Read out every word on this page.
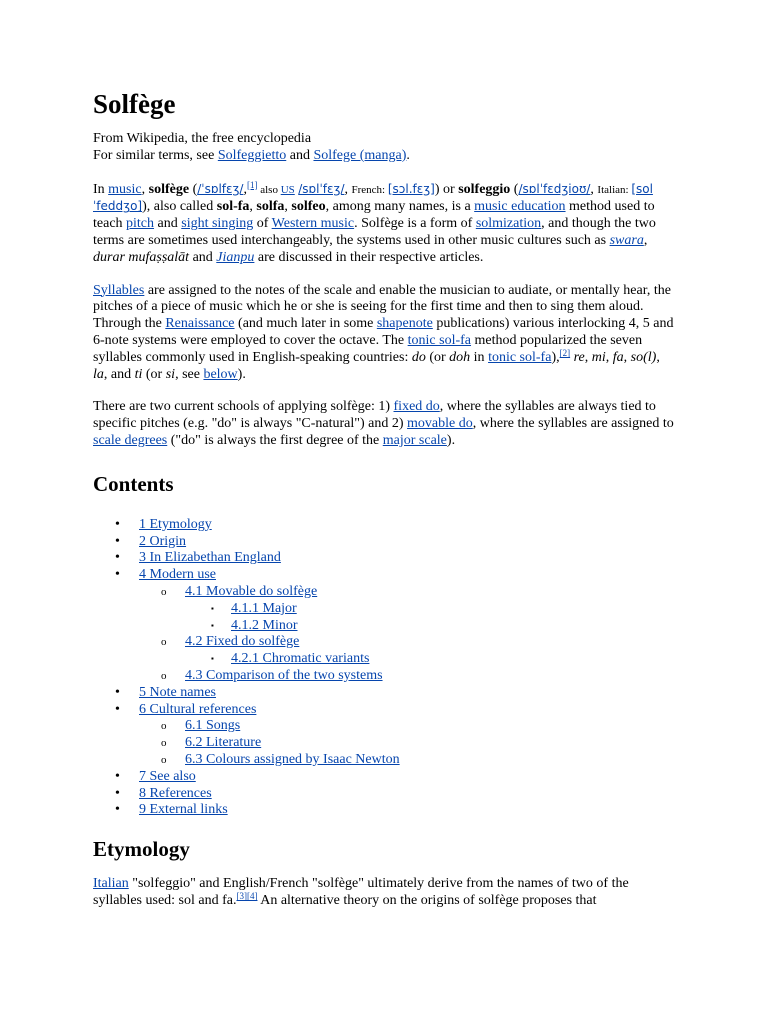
Solfège
From Wikipedia, the free encyclopedia
For similar terms, see Solfeggietto and Solfege (manga).

In music, solfège (/ˈsɒlfɛʒ/,[1] also US /sɒlˈfɛʒ/, French: [sɔl.fɛʒ]) or solfeggio (/sɒlˈfɛdʒioʊ/, Italian: [solˈfeddʒo]), also called sol-fa, solfa, solfeo, among many names, is a music education method used to teach pitch and sight singing of Western music. Solfège is a form of solmization, and though the two terms are sometimes used interchangeably, the systems used in other music cultures such as swara, durar mufaṣṣalāt and Jianpu are discussed in their respective articles.

Syllables are assigned to the notes of the scale and enable the musician to audiate, or mentally hear, the pitches of a piece of music which he or she is seeing for the first time and then to sing them aloud. Through the Renaissance (and much later in some shapenote publications) various interlocking 4, 5 and 6-note systems were employed to cover the octave. The tonic sol-fa method popularized the seven syllables commonly used in English-speaking countries: do (or doh in tonic sol-fa),[2] re, mi, fa, so(l), la, and ti (or si, see below).

There are two current schools of applying solfège: 1) fixed do, where the syllables are always tied to specific pitches (e.g. "do" is always "C-natural") and 2) movable do, where the syllables are assigned to scale degrees ("do" is always the first degree of the major scale).

Contents
• 1 Etymology
• 2 Origin
• 3 In Elizabethan England
• 4 Modern use
o 4.1 Movable do solfège
▪ 4.1.1 Major
▪ 4.1.2 Minor
o 4.2 Fixed do solfège
▪ 4.2.1 Chromatic variants
o 4.3 Comparison of the two systems
• 5 Note names
• 6 Cultural references
o 6.1 Songs
o 6.2 Literature
o 6.3 Colours assigned by Isaac Newton
• 7 See also
• 8 References
• 9 External links
Etymology

Italian "solfeggio" and English/French "solfège" ultimately derive from the names of two of the syllables used: sol and fa.[3][4] An alternative theory on the origins of solfège proposes that
